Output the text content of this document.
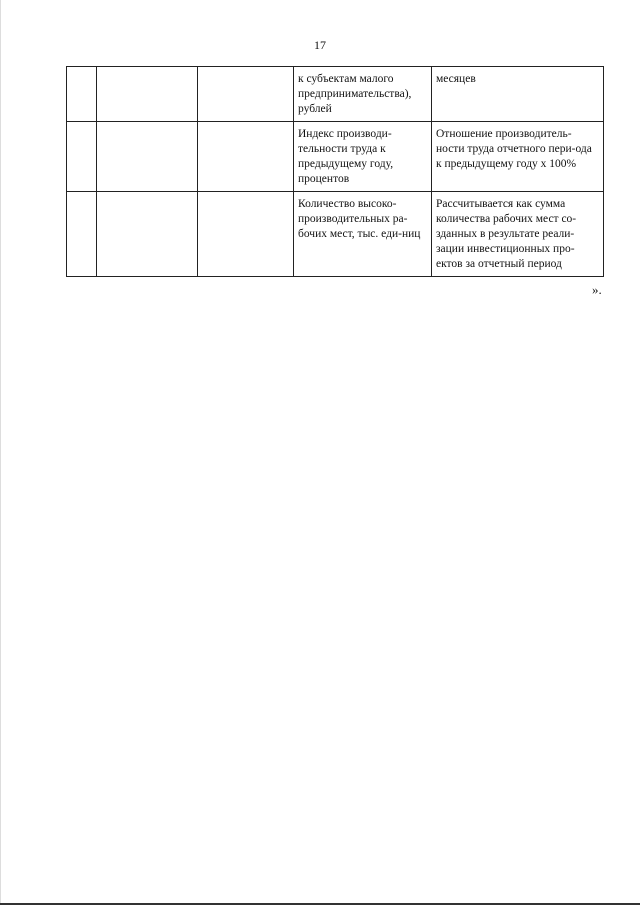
17
			к субъектам малого предпринимательства), рублей	месяцев
			Индекс производи-тельности труда к предыдущему году, процентов	Отношение производитель-ности труда отчетного пери-ода к предыдущему году х 100%
			Количество высоко-производительных ра-бочих мест, тыс. еди-ниц	Рассчитывается как сумма количества рабочих мест со-зданных в результате реали-зации инвестиционных про-ектов за отчетный период
».
